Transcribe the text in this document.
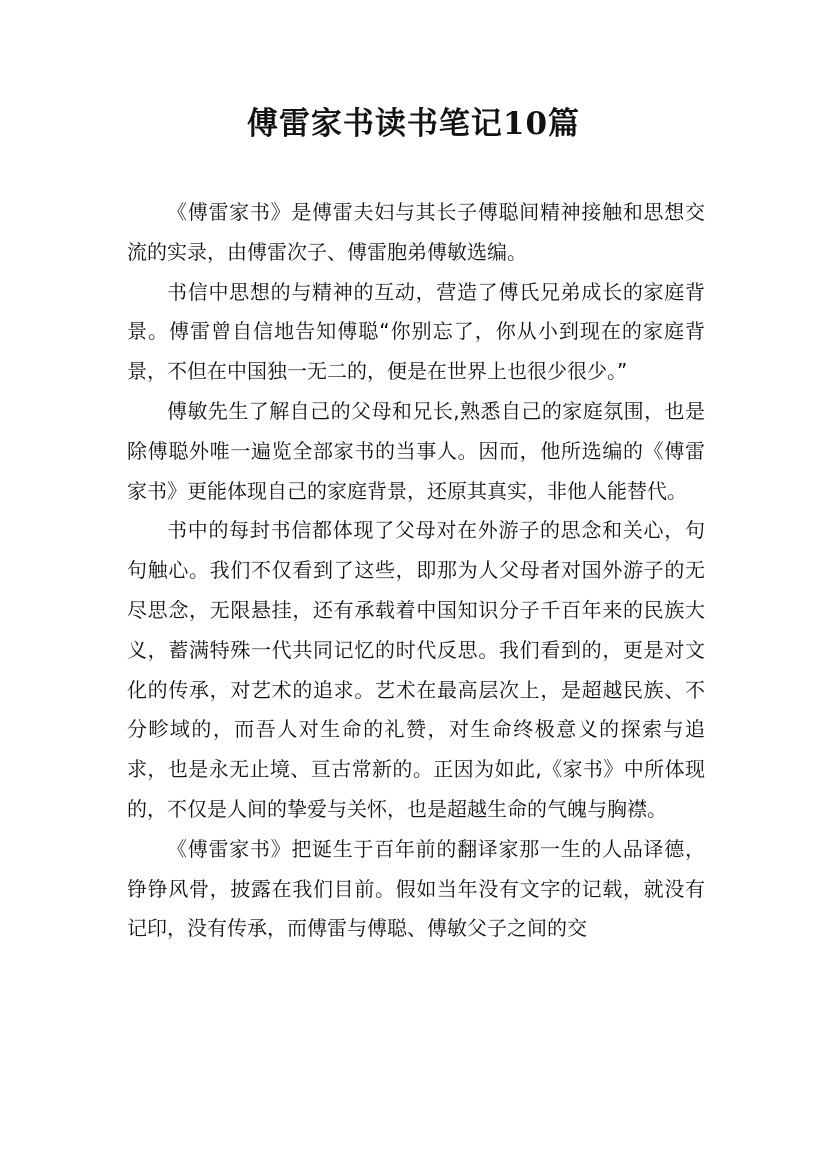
傅雷家书读书笔记10篇

《傅雷家书》是傅雷夫妇与其长子傅聪间精神接触和思想交流的实录，由傅雷次子、傅雷胞弟傅敏选编。

书信中思想的与精神的互动，营造了傅氏兄弟成长的家庭背景。傅雷曾自信地告知傅聪“你别忘了，你从小到现在的家庭背景，不但在中国独一无二的，便是在世界上也很少很少。”

傅敏先生了解自己的父母和兄长,熟悉自己的家庭氛围，也是除傅聪外唯一遍览全部家书的当事人。因而，他所选编的《傅雷家书》更能体现自己的家庭背景，还原其真实，非他人能替代。

书中的每封书信都体现了父母对在外游子的思念和关心，句句触心。我们不仅看到了这些，即那为人父母者对国外游子的无尽思念，无限悬挂，还有承载着中国知识分子千百年来的民族大义，蓄满特殊一代共同记忆的时代反思。我们看到的，更是对文化的传承，对艺术的追求。艺术在最高层次上，是超越民族、不分畛域的，而吾人对生命的礼赞，对生命终极意义的探索与追求，也是永无止境、亘古常新的。正因为如此,《家书》中所体现的，不仅是人间的挚爱与关怀，也是超越生命的气魄与胸襟。

《傅雷家书》把诞生于百年前的翻译家那一生的人品译德，铮铮风骨，披露在我们目前。假如当年没有文字的记载，就没有记印，没有传承，而傅雷与傅聪、傅敏父子之间的交
